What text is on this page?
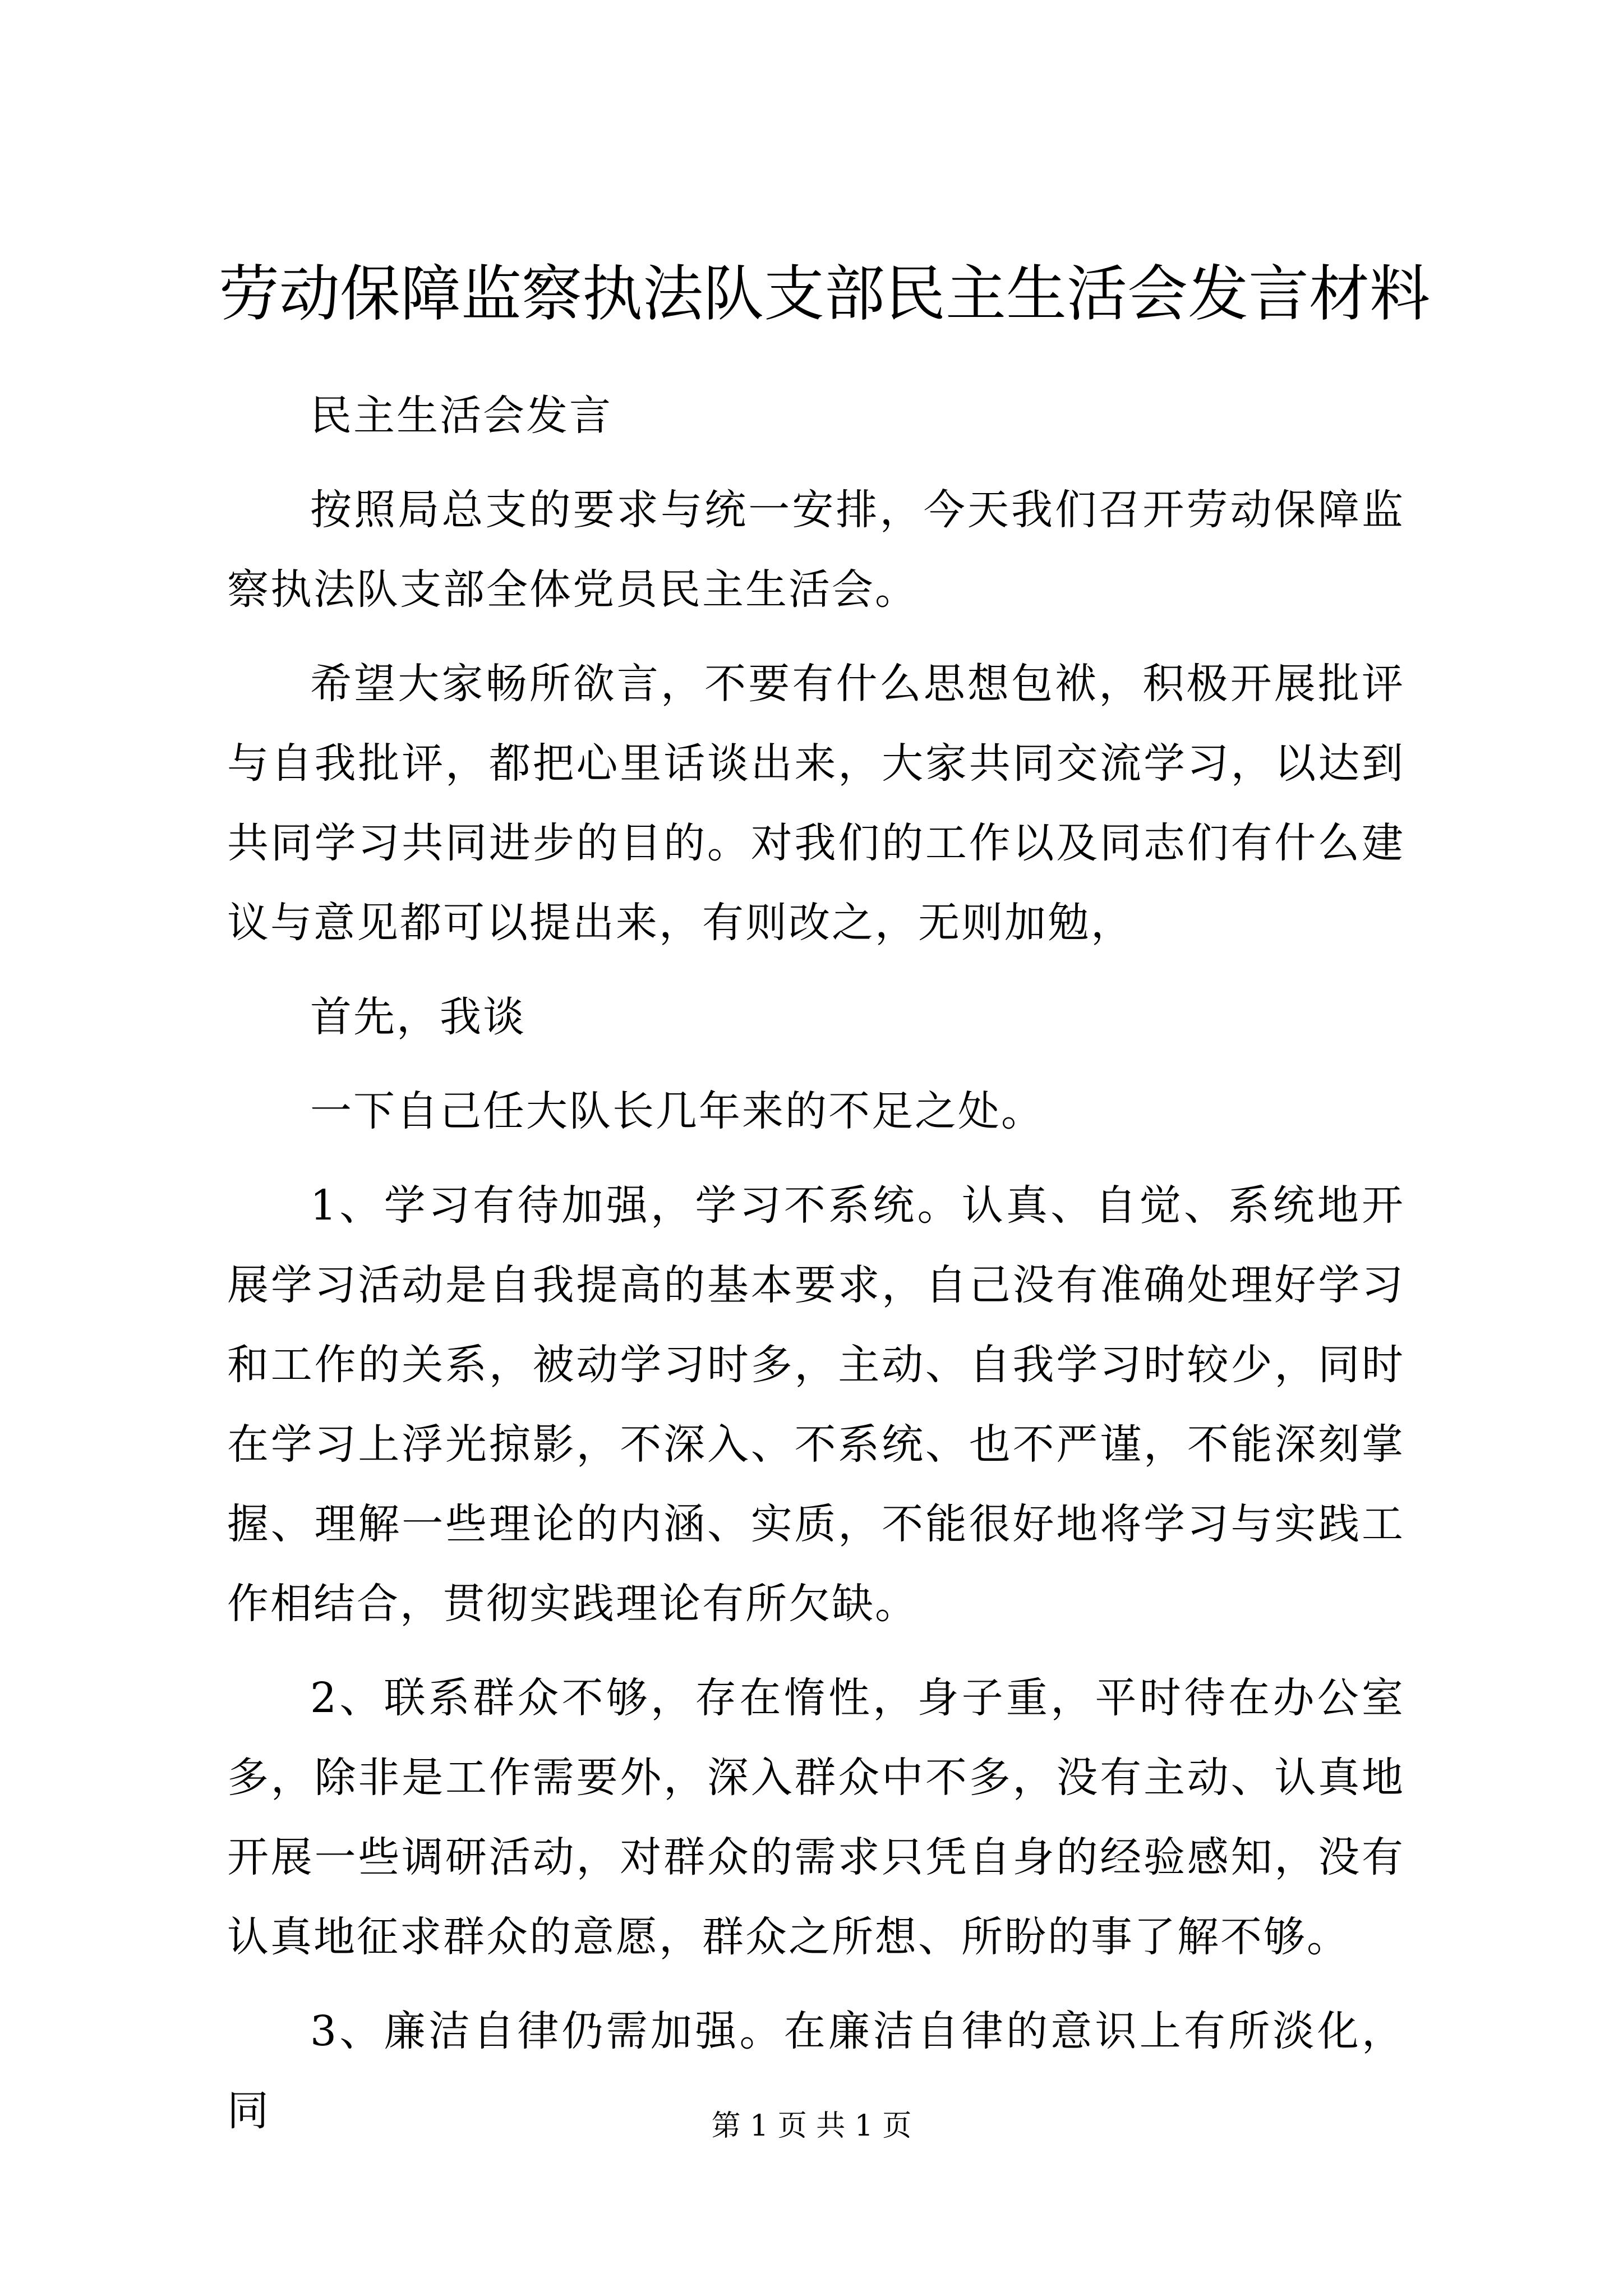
劳动保障监察执法队支部民主生活会发言材料

民主生活会发言

按照局总支的要求与统一安排，今天我们召开劳动保障监察执法队支部全体党员民主生活会。

希望大家畅所欲言，不要有什么思想包袱，积极开展批评与自我批评，都把心里话谈出来，大家共同交流学习，以达到共同学习共同进步的目的。对我们的工作以及同志们有什么建议与意见都可以提出来，有则改之，无则加勉，

首先，我谈

一下自己任大队长几年来的不足之处。

1、学习有待加强，学习不系统。认真、自觉、系统地开展学习活动是自我提高的基本要求，自己没有准确处理好学习和工作的关系，被动学习时多，主动、自我学习时较少，同时在学习上浮光掠影，不深入、不系统、也不严谨，不能深刻掌握、理解一些理论的内涵、实质，不能很好地将学习与实践工作相结合，贯彻实践理论有所欠缺。

2、联系群众不够，存在惰性，身子重，平时待在办公室多，除非是工作需要外，深入群众中不多，没有主动、认真地开展一些调研活动，对群众的需求只凭自身的经验感知，没有认真地征求群众的意愿，群众之所想、所盼的事了解不够。

3、廉洁自律仍需加强。在廉洁自律的意识上有所淡化，同	第 1 页 共 1 页
